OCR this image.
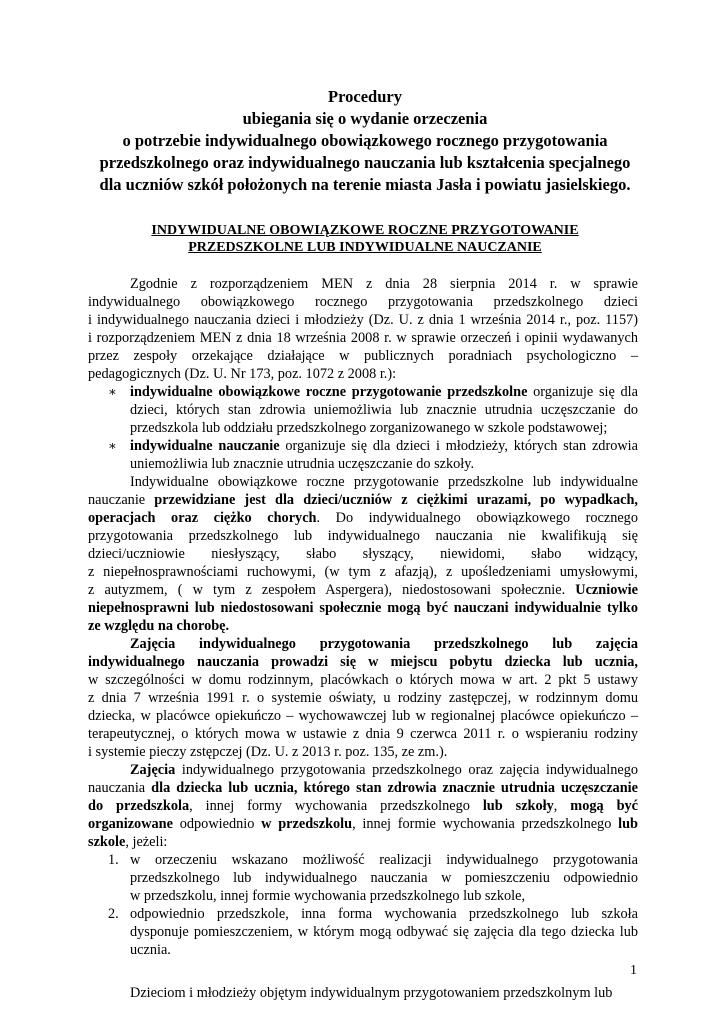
Procedury
ubiegania się o wydanie orzeczenia
o potrzebie indywidualnego obowiązkowego rocznego przygotowania
przedszkolnego oraz indywidualnego nauczania lub kształcenia specjalnego
dla uczniów szkół położonych na terenie miasta Jasła i powiatu jasielskiego.
INDYWIDUALNE OBOWIĄZKOWE ROCZNE PRZYGOTOWANIE
PRZEDSZKOLNE LUB INDYWIDUALNE NAUCZANIE
Zgodnie z rozporządzeniem MEN z dnia 28 sierpnia 2014 r. w sprawie
indywidualnego obowiązkowego rocznego przygotowania przedszkolnego dzieci
i indywidualnego nauczania dzieci i młodzieży (Dz. U. z dnia 1 września 2014 r., poz. 1157)
i rozporządzeniem MEN z dnia 18 września 2008 r. w sprawie orzeczeń i opinii wydawanych
przez zespoły orzekające działające w publicznych poradniach psychologiczno –
pedagogicznych (Dz. U. Nr 173, poz. 1072 z 2008 r.):
∗ indywidualne obowiązkowe roczne przygotowanie przedszkolne organizuje się dla
dzieci, których stan zdrowia uniemożliwia lub znacznie utrudnia uczęszczanie do
przedszkola lub oddziału przedszkolnego zorganizowanego w szkole podstawowej;
∗ indywidualne nauczanie organizuje się dla dzieci i młodzieży, których stan zdrowia
uniemożliwia lub znacznie utrudnia uczęszczanie do szkoły.
Indywidualne obowiązkowe roczne przygotowanie przedszkolne lub indywidualne
nauczanie przewidziane jest dla dzieci/uczniów z ciężkimi urazami, po wypadkach,
operacjach oraz ciężko chorych. Do indywidualnego obowiązkowego rocznego
przygotowania przedszkolnego lub indywidualnego nauczania nie kwalifikują się
dzieci/uczniowie niesłyszący, słabo słyszący, niewidomi, słabo widzący,
z niepełnosprawnościami ruchowymi, (w tym z afazją), z upośledzeniami umysłowymi,
z autyzmem, ( w tym z zespołem Aspergera), niedostosowani społecznie. Uczniowie
niepełnosprawni lub niedostosowani społecznie mogą być nauczani indywidualnie tylko
ze względu na chorobę.
Zajęcia indywidualnego przygotowania przedszkolnego lub zajęcia
indywidualnego nauczania prowadzi się w miejscu pobytu dziecka lub ucznia,
w szczególności w domu rodzinnym, placówkach o których mowa w art. 2 pkt 5 ustawy
z dnia 7 września 1991 r. o systemie oświaty, u rodziny zastępczej, w rodzinnym domu
dziecka, w placówce opiekuńczo – wychowawczej lub w regionalnej placówce opiekuńczo –
terapeutycznej, o których mowa w ustawie z dnia 9 czerwca 2011 r. o wspieraniu rodziny
i systemie pieczy zstępczej (Dz. U. z 2013 r. poz. 135, ze zm.).
Zajęcia indywidualnego przygotowania przedszkolnego oraz zajęcia indywidualnego
nauczania dla dziecka lub ucznia, którego stan zdrowia znacznie utrudnia uczęszczanie
do przedszkola, innej formy wychowania przedszkolnego lub szkoły, mogą być
organizowane odpowiednio w przedszkolu, innej formie wychowania przedszkolnego lub
szkole, jeżeli:
1. w orzeczeniu wskazano możliwość realizacji indywidualnego przygotowania
przedszkolnego lub indywidualnego nauczania w pomieszczeniu odpowiednio
w przedszkolu, innej formie wychowania przedszkolnego lub szkole,
2. odpowiednio przedszkole, inna forma wychowania przedszkolnego lub szkoła
dysponuje pomieszczeniem, w którym mogą odbywać się zajęcia dla tego dziecka lub
ucznia.
Dzieciom i młodzieży objętym indywidualnym przygotowaniem przedszkolnym lub
1
